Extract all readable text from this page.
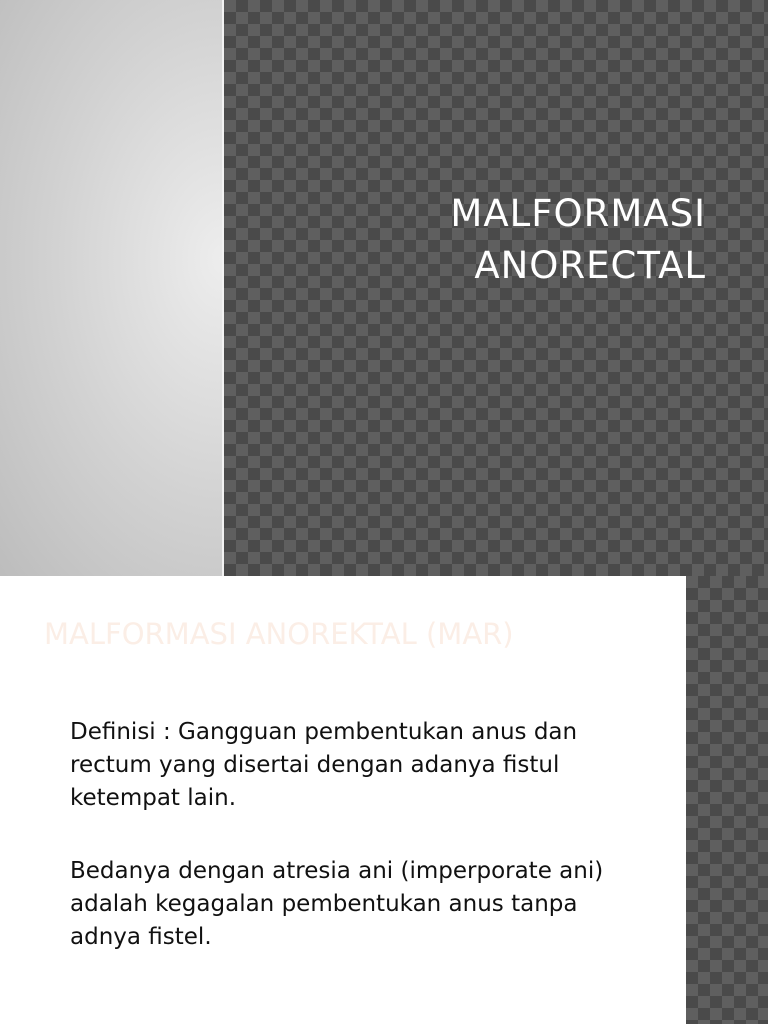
MALFORMASI
ANORECTAL
MALFORMASI ANOREKTAL (MAR)

Definisi : Gangguan pembentukan anus dan rectum yang disertai dengan adanya fistul ketempat lain.

Bedanya dengan atresia ani (imperporate ani) adalah kegagalan pembentukan anus tanpa adnya fistel.
